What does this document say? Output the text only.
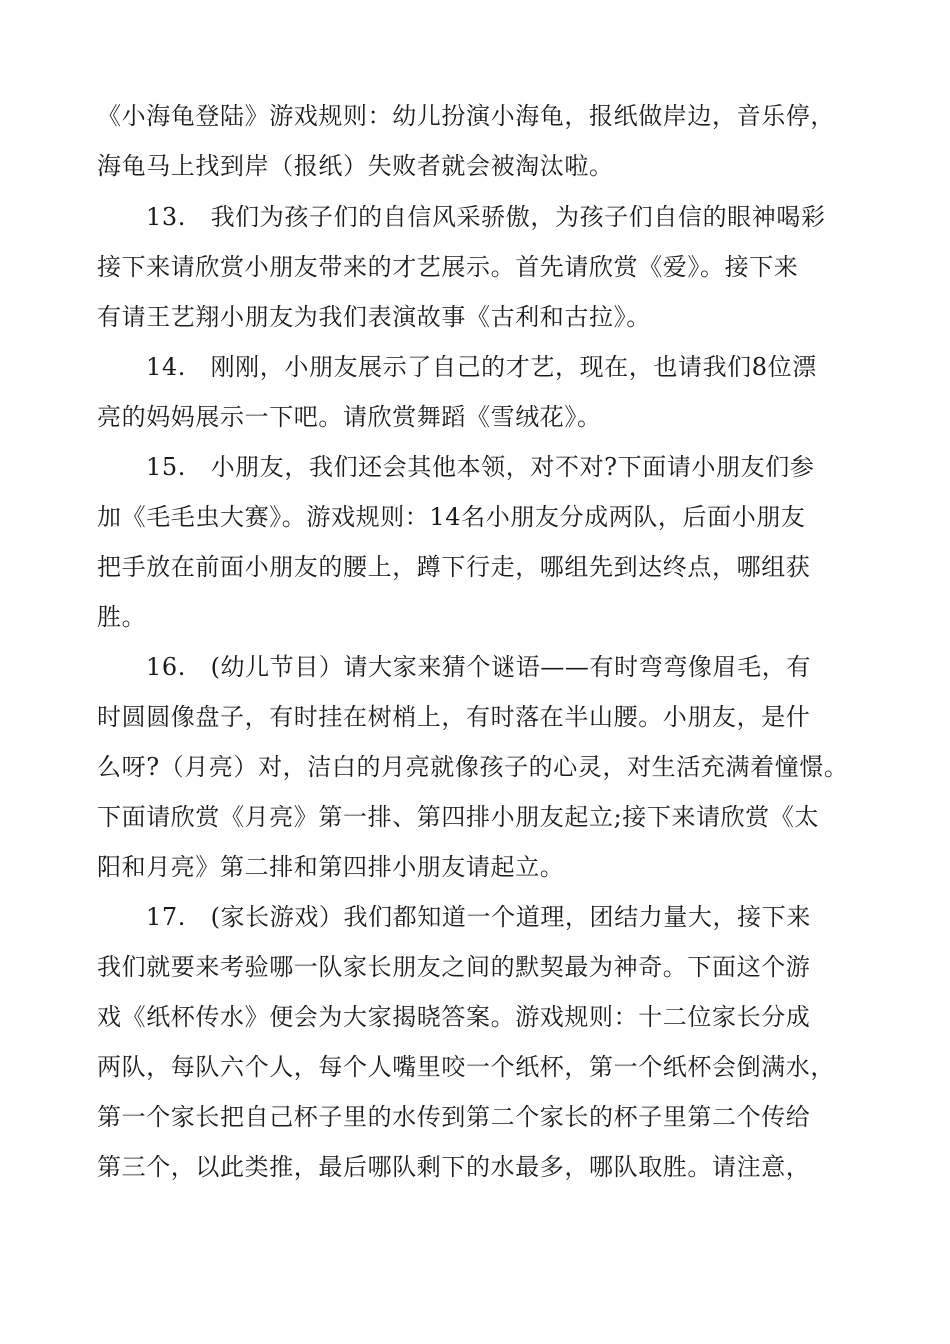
《小海龟登陆》游戏规则：幼儿扮演小海龟，报纸做岸边，音乐停，
海龟马上找到岸（报纸）失败者就会被淘汰啦。
13.　我们为孩子们的自信风采骄傲，为孩子们自信的眼神喝彩
接下来请欣赏小朋友带来的才艺展示。首先请欣赏《爱》。接下来
有请王艺翔小朋友为我们表演故事《古利和古拉》。
14.　刚刚，小朋友展示了自己的才艺，现在，也请我们8位漂
亮的妈妈展示一下吧。请欣赏舞蹈《雪绒花》。
15.　小朋友，我们还会其他本领，对不对?下面请小朋友们参
加《毛毛虫大赛》。游戏规则：14名小朋友分成两队，后面小朋友
把手放在前面小朋友的腰上，蹲下行走，哪组先到达终点，哪组获
胜。
16.　(幼儿节目）请大家来猜个谜语——有时弯弯像眉毛，有
时圆圆像盘子，有时挂在树梢上，有时落在半山腰。小朋友，是什
么呀?（月亮）对，洁白的月亮就像孩子的心灵，对生活充满着憧憬。
下面请欣赏《月亮》第一排、第四排小朋友起立;接下来请欣赏《太
阳和月亮》第二排和第四排小朋友请起立。
17.　(家长游戏）我们都知道一个道理，团结力量大，接下来
我们就要来考验哪一队家长朋友之间的默契最为神奇。下面这个游
戏《纸杯传水》便会为大家揭晓答案。游戏规则：十二位家长分成
两队，每队六个人，每个人嘴里咬一个纸杯，第一个纸杯会倒满水，
第一个家长把自己杯子里的水传到第二个家长的杯子里第二个传给
第三个，以此类推，最后哪队剩下的水最多，哪队取胜。请注意，
